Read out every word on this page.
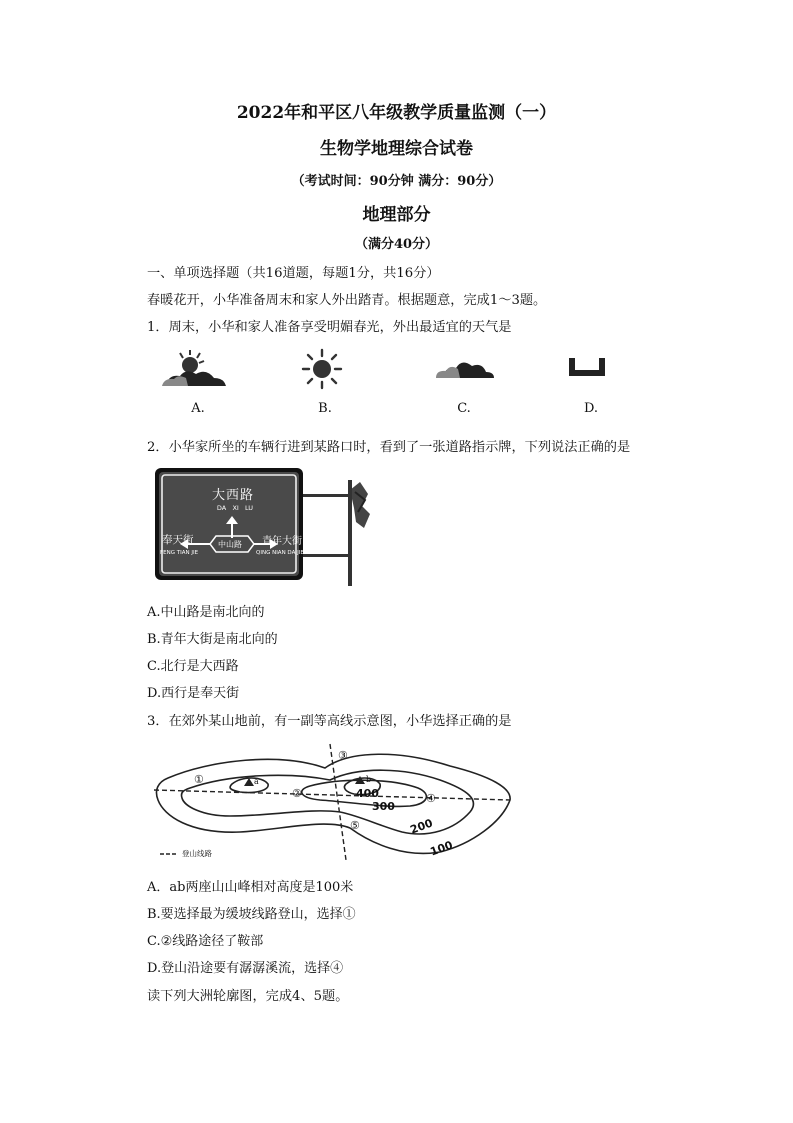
2022年和平区八年级教学质量监测（一）
生物学地理综合试卷
（考试时间：90分钟 满分：90分）
地理部分
（满分40分）
一、单项选择题（共16道题，每题1分，共16分）
春暖花开，小华准备周末和家人外出踏青。根据题意，完成1～3题。
1．周末，小华和家人准备享受明媚春光，外出最适宜的天气是
A.	B.	C.	D.
2．小华家所坐的车辆行进到某路口时，看到了一张道路指示牌，下列说法正确的是
大西路
DA   XI   LU
奉天街
FENG TIAN JIE
中山路 青年大街
QING NIAN DA JIE
A.中山路是南北向的
B.青年大街是南北向的
C.北行是大西路
D.西行是奉天街
3．在郊外某山地前，有一副等高线示意图，小华选择正确的是
①
②
③
④
⑤
a	b
400
300
200
100
登山线路
A．ab两座山山峰相对高度是100米
B.要选择最为缓坡线路登山，选择①
C.②线路途径了鞍部
D.登山沿途要有潺潺溪流，选择④
读下列大洲轮廓图，完成4、5题。
